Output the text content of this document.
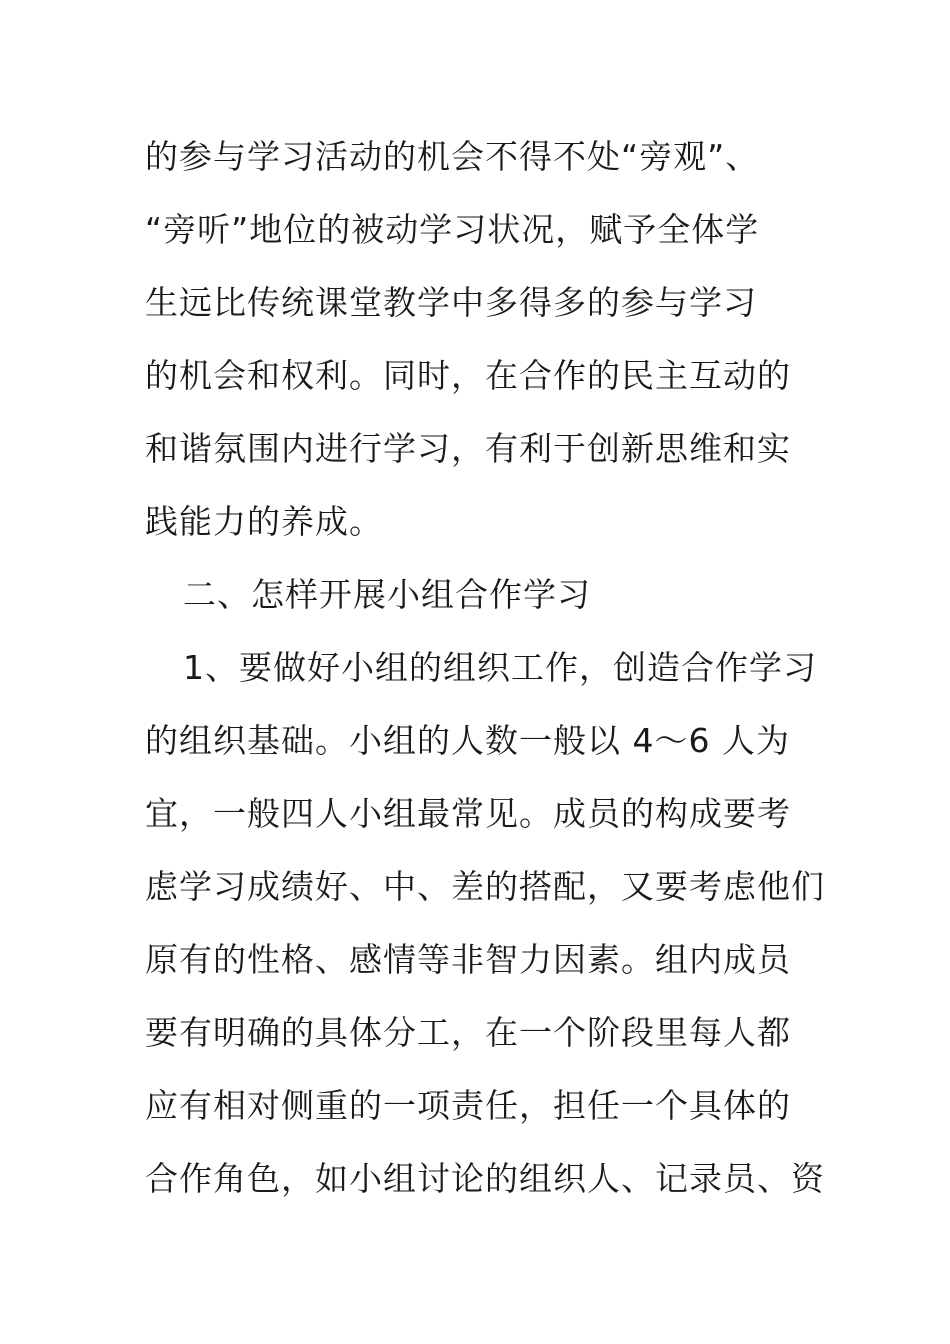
的参与学习活动的机会不得不处“旁观”、
“旁听”地位的被动学习状况，赋予全体学
生远比传统课堂教学中多得多的参与学习
的机会和权利。同时，在合作的民主互动的
和谐氛围内进行学习，有利于创新思维和实
践能力的养成。
二、怎样开展小组合作学习
1、要做好小组的组织工作，创造合作学习
的组织基础。小组的人数一般以 4～6 人为
宜，一般四人小组最常见。成员的构成要考
虑学习成绩好、中、差的搭配，又要考虑他们
原有的性格、感情等非智力因素。组内成员
要有明确的具体分工，在一个阶段里每人都
应有相对侧重的一项责任，担任一个具体的
合作角色，如小组讨论的组织人、记录员、资
